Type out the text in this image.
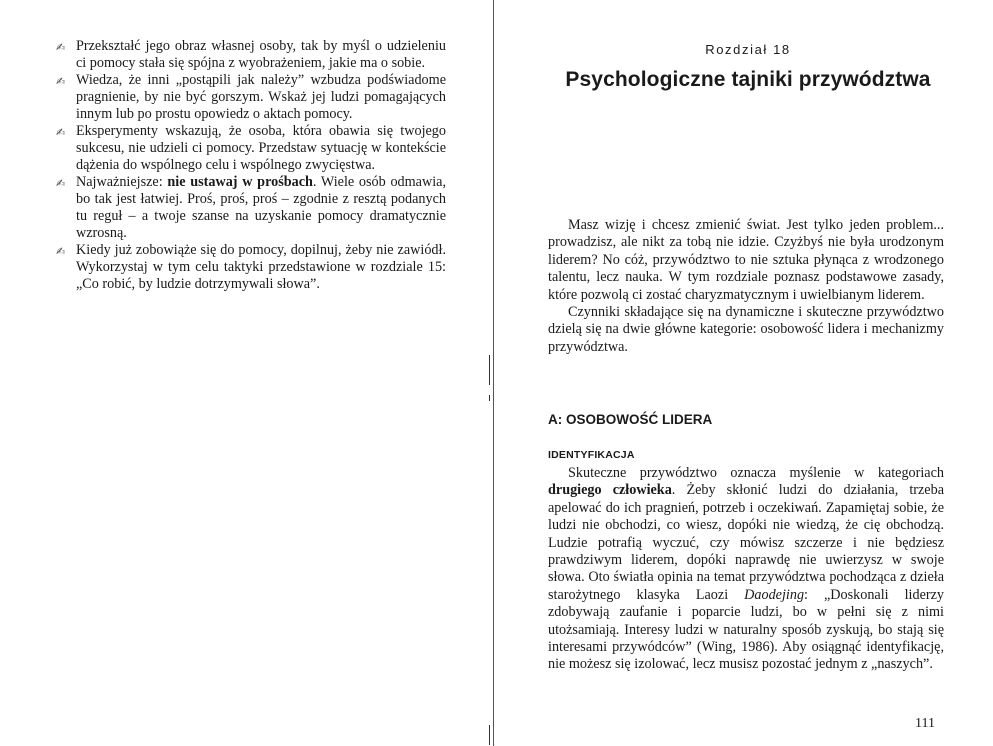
✍ Przekształć jego obraz własnej osoby, tak by myśl o udzieleniu ci pomocy stała się spójna z wyobrażeniem, jakie ma o sobie.
✍ Wiedza, że inni „postąpili jak należy” wzbudza podświadome pragnienie, by nie być gorszym. Wskaż jej ludzi pomagających innym lub po prostu opowiedz o aktach pomocy.
✍ Eksperymenty wskazują, że osoba, która obawia się twojego sukcesu, nie udzieli ci pomocy. Przedstaw sytuację w kontekście dążenia do wspólnego celu i wspólnego zwycięstwa.
✍ Najważniejsze: nie ustawaj w prośbach. Wiele osób odmawia, bo tak jest łatwiej. Proś, proś, proś – zgodnie z resztą podanych tu reguł – a twoje szanse na uzyskanie pomocy dramatycznie wzrosną.
✍ Kiedy już zobowiąże się do pomocy, dopilnuj, żeby nie zawiódł. Wykorzystaj w tym celu taktyki przedstawione w rozdziale 15: „Co robić, by ludzie dotrzymywali słowa”.
Rozdział 18
Psychologiczne tajniki przywództwa

Masz wizję i chcesz zmienić świat. Jest tylko jeden problem... prowadzisz, ale nikt za tobą nie idzie. Czyżbyś nie była urodzonym liderem? No cóż, przywództwo to nie sztuka płynąca z wrodzonego talentu, lecz nauka. W tym rozdziale poznasz podstawowe zasady, które pozwolą ci zostać charyzmatycznym i uwielbianym liderem.

Czynniki składające się na dynamiczne i skuteczne przywództwo dzielą się na dwie główne kategorie: osobowość lidera i mechanizmy przywództwa.

A: OSOBOWOŚĆ LIDERA
IDENTYFIKACJA

Skuteczne przywództwo oznacza myślenie w kategoriach drugiego człowieka. Żeby skłonić ludzi do działania, trzeba apelować do ich pragnień, potrzeb i oczekiwań. Zapamiętaj sobie, że ludzi nie obchodzi, co wiesz, dopóki nie wiedzą, że cię obchodzą. Ludzie potrafią wyczuć, czy mówisz szczerze i nie będziesz prawdziwym liderem, dopóki naprawdę nie uwierzysz w swoje słowa. Oto światła opinia na temat przywództwa pochodząca z dzieła starożytnego klasyka Laozi Daodejing: „Doskonali liderzy zdobywają zaufanie i poparcie ludzi, bo w pełni się z nimi utożsamiają. Interesy ludzi w naturalny sposób zyskują, bo stają się interesami przywódców” (Wing, 1986). Aby osiągnąć identyfikację, nie możesz się izolować, lecz musisz pozostać jednym z „naszych”.

111
